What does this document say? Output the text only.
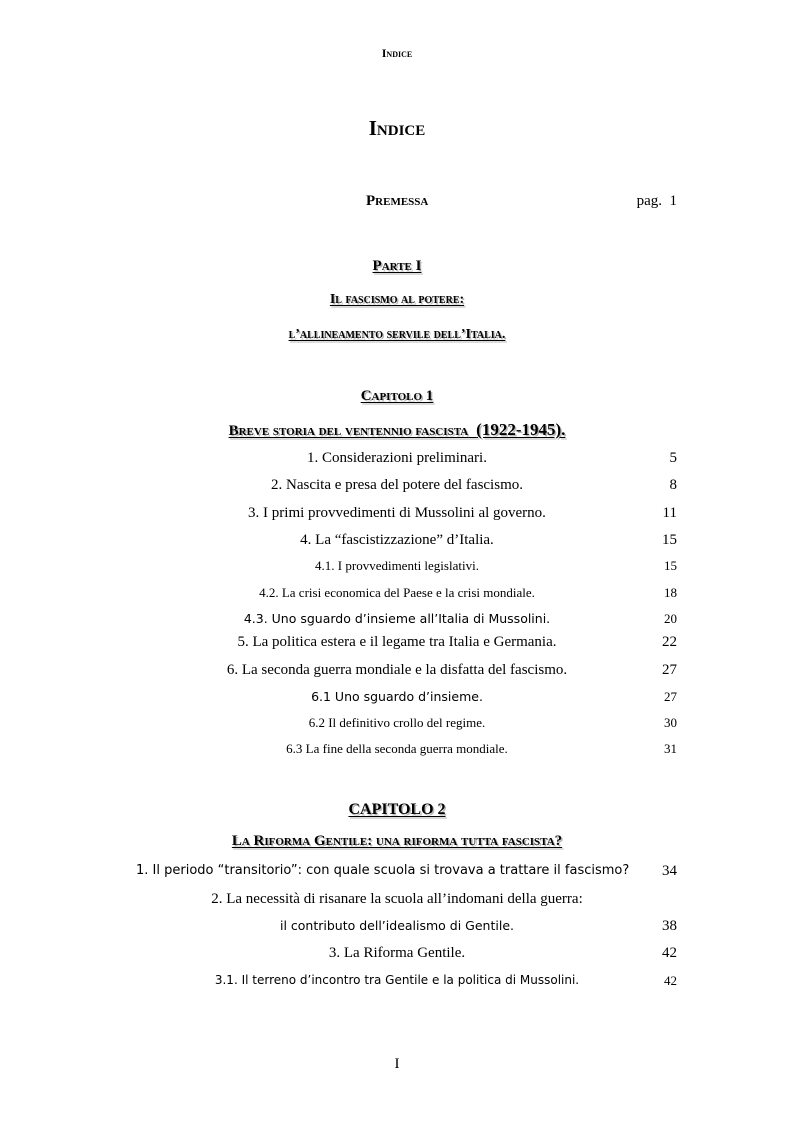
Indice
Indice
Premessa	pag. 1
Parte I
Il fascismo al potere:
l’allineamento servile dell’Italia.
Capitolo 1
Breve storia del ventennio fascista (1922-1945).
1. Considerazioni preliminari.	5
2. Nascita e presa del potere del fascismo.	8
3. I primi provvedimenti di Mussolini al governo.	11
4. La “fascistizzazione” d’Italia.	15
4.1. I provvedimenti legislativi.	15
4.2. La crisi economica del Paese e la crisi mondiale.	18
4.3. Uno sguardo d’insieme all’Italia di Mussolini.	20
5. La politica estera e il legame tra Italia e Germania.	22
6. La seconda guerra mondiale e la disfatta del fascismo.	27
6.1 Uno sguardo d’insieme.	27
6.2 Il definitivo crollo del regime.	30
6.3 La fine della seconda guerra mondiale.	31
CAPITOLO 2
La Riforma Gentile: una riforma tutta fascista?
1. Il periodo “transitorio”: con quale scuola si trovava a trattare il fascismo? 34
2. La necessità di risanare la scuola all’indomani della guerra:
il contributo dell’idealismo di Gentile.	38
3. La Riforma Gentile.	42
3.1. Il terreno d’incontro tra Gentile e la politica di Mussolini.	42
I
